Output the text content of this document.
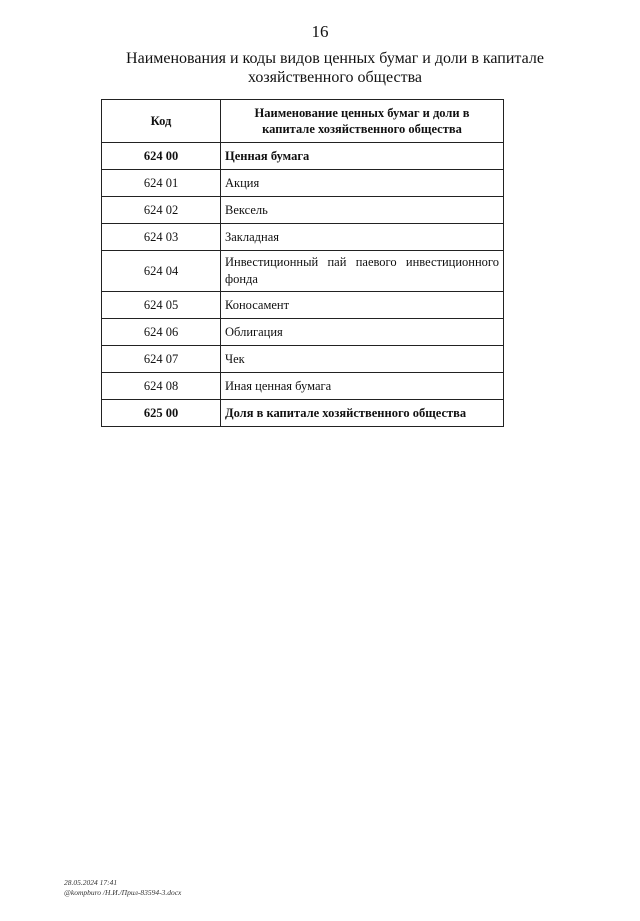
16
Наименования и коды видов ценных бумаг и доли в капитале
хозяйственного общества
Код	Наименование ценных бумаг и доли в капитале хозяйственного общества
624 00	Ценная бумага
624 01	Акция
624 02	Вексель
624 03	Закладная
624 04	Инвестиционный пай паевого инвестиционного фонда
624 05	Коносамент
624 06	Облигация
624 07	Чек
624 08	Иная ценная бумага
625 00	Доля в капитале хозяйственного общества
28.05.2024 17:41
@kompburo /Н.И./Прил-83594-3.docx
